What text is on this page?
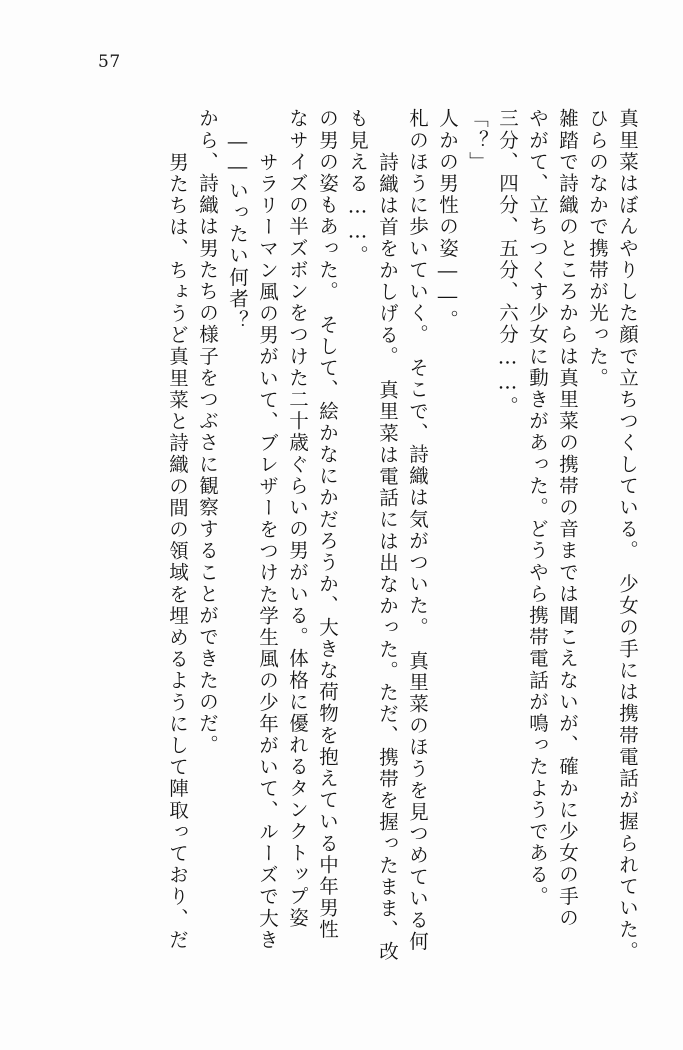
57
真里菜はぼんやりした顔で立ちつくしている。　少女の手には携帯電話が握られていた。
ひらのなかで携帯が光った。
雑踏で詩織のところからは真里菜の携帯の音までは聞こえないが、確かに少女の手の
やがて、立ちつくす少女に動きがあった。どうやら携帯電話が鳴ったようである。
三分、四分、五分、六分……。
「？」
人かの男性の姿――。
札のほうに歩いていく。　そこで、詩織は気がついた。　真里菜のほうを見つめている何
　詩織は首をかしげる。　真里菜は電話には出なかった。ただ、携帯を握ったまま、改
も見える……。
の男の姿もあった。　そして、絵かなにかだろうか、大きな荷物を抱えている中年男性
なサイズの半ズボンをつけた二十歳ぐらいの男がいる。体格に優れるタンクトップ姿
　サラリーマン風の男がいて、ブレザーをつけた学生風の少年がいて、ルーズで大き
――いったい何者？
から、詩織は男たちの様子をつぶさに観察することができたのだ。
　男たちは、ちょうど真里菜と詩織の間の領域を埋めるようにして陣取っており、だ
